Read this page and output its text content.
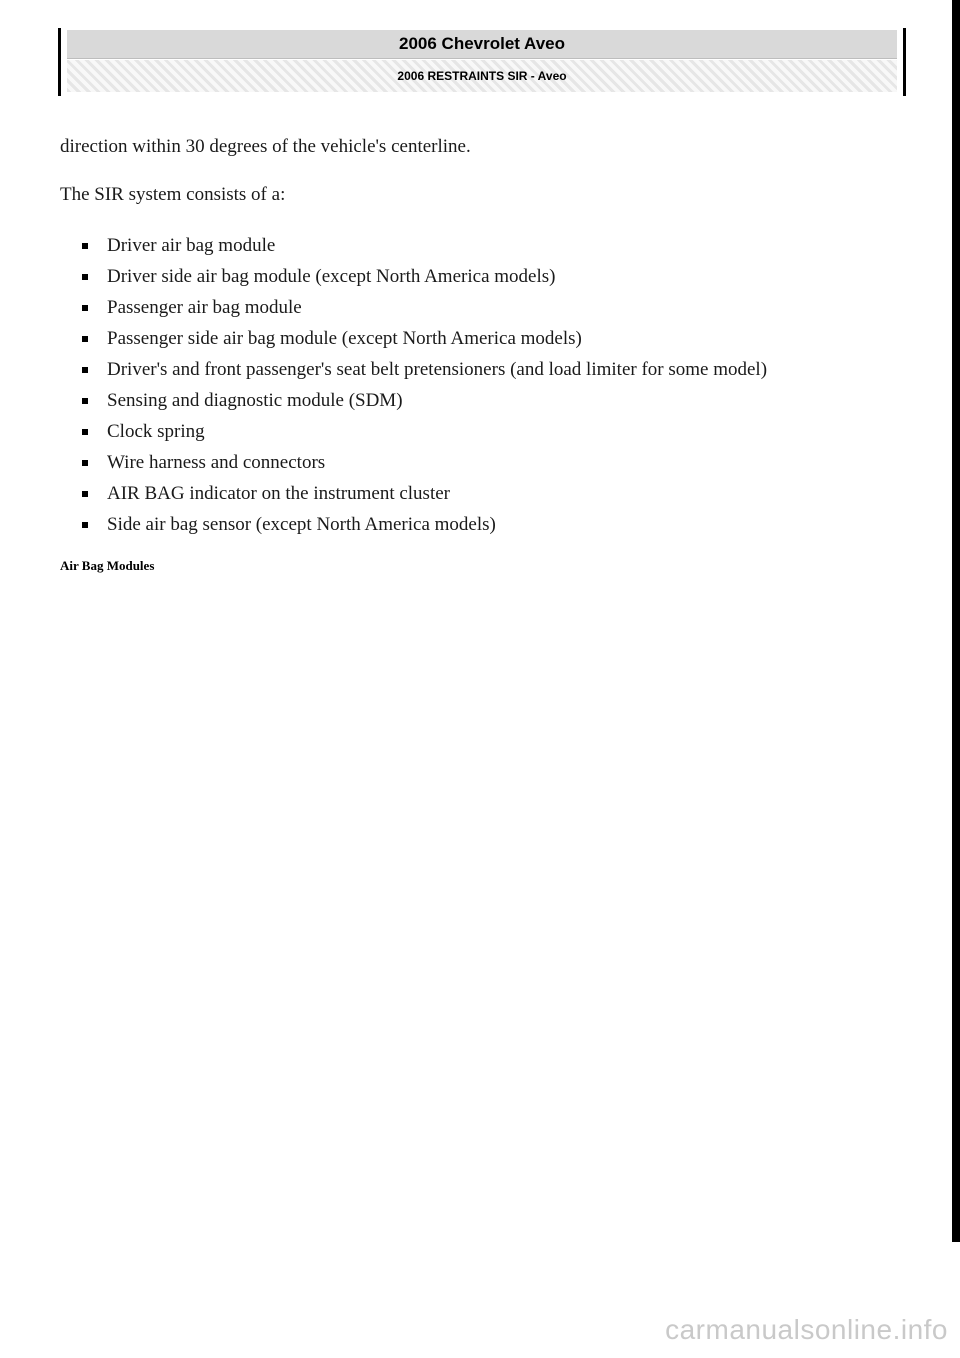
2006 Chevrolet Aveo
2006 RESTRAINTS SIR - Aveo
direction within 30 degrees of the vehicle's centerline.
The SIR system consists of a:
Driver air bag module
Driver side air bag module (except North America models)
Passenger air bag module
Passenger side air bag module (except North America models)
Driver's and front passenger's seat belt pretensioners (and load limiter for some model)
Sensing and diagnostic module (SDM)
Clock spring
Wire harness and connectors
AIR BAG indicator on the instrument cluster
Side air bag sensor (except North America models)
Air Bag Modules
carmanualsonline.info
